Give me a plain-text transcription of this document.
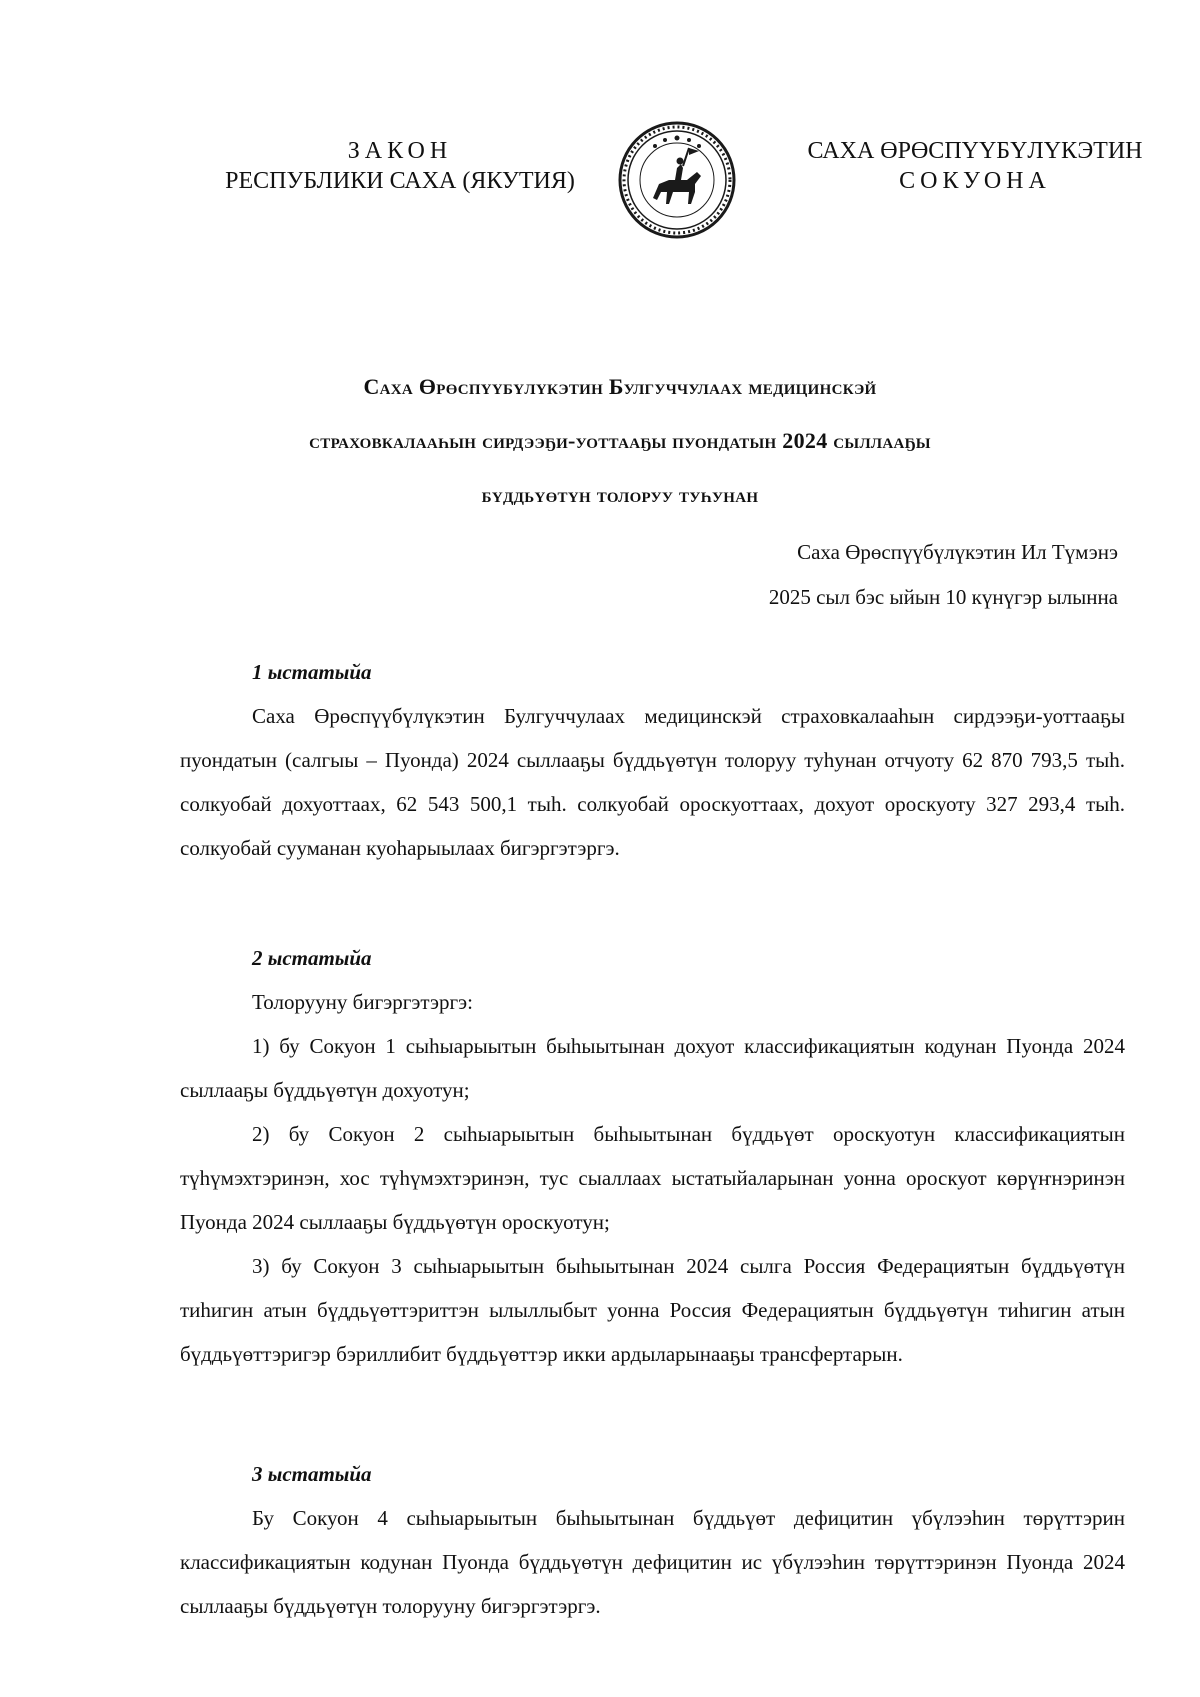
ЗАКОН
РЕСПУБЛИКИ САХА (ЯКУТИЯ)
САХА ӨРӨСПҮҮБҮЛҮКЭТИН
СОКУОНА
Саха Өрөспүүбүлүкэтин Булгуччулаах медицинскэй
страховкалааһын сирдээҕи-уоттааҕы пуондатын 2024 сыллааҕы
бүддьүөтүн толоруу туһунан
Саха Өрөспүүбүлүкэтин Ил Түмэнэ
2025 сыл бэс ыйын 10 күнүгэр ылынна

1 ыстатыйа

Саха Өрөспүүбүлүкэтин Булгуччулаах медицинскэй страховкалааһын сирдээҕи-уоттааҕы пуондатын (салгыы – Пуонда) 2024 сыллааҕы бүддьүөтүн толоруу туһунан отчуоту 62 870 793,5 тыһ. солкуобай дохуоттаах, 62 543 500,1 тыһ. солкуобай ороскуоттаах, дохуот ороскуоту 327 293,4 тыһ. солкуобай сууманан куоһарыылаах бигэргэтэргэ.

2 ыстатыйа

Толорууну бигэргэтэргэ:

1) бу Сокуон 1 сыһыарыытын быһыытынан дохуот классификациятын кодунан Пуонда 2024 сыллааҕы бүддьүөтүн дохуотун;

2) бу Сокуон 2 сыһыарыытын быһыытынан бүддьүөт ороскуотун классификациятын түһүмэхтэринэн, хос түһүмэхтэринэн, тус сыаллаах ыстатыйаларынан уонна ороскуот көрүҥнэринэн Пуонда 2024 сыллааҕы бүддьүөтүн ороскуотун;

3) бу Сокуон 3 сыһыарыытын быһыытынан 2024 сылга Россия Федерациятын бүддьүөтүн тиһигин атын бүддьүөттэриттэн ылыллыбыт уонна Россия Федерациятын бүддьүөтүн тиһигин атын бүддьүөттэригэр бэриллибит бүддьүөттэр икки ардыларынааҕы трансфертарын.

3 ыстатыйа

Бу Сокуон 4 сыһыарыытын быһыытынан бүддьүөт дефицитин үбүлээһин төрүттэрин классификациятын кодунан Пуонда бүддьүөтүн дефицитин ис үбүлээһин төрүттэринэн Пуонда 2024 сыллааҕы бүддьүөтүн толорууну бигэргэтэргэ.
